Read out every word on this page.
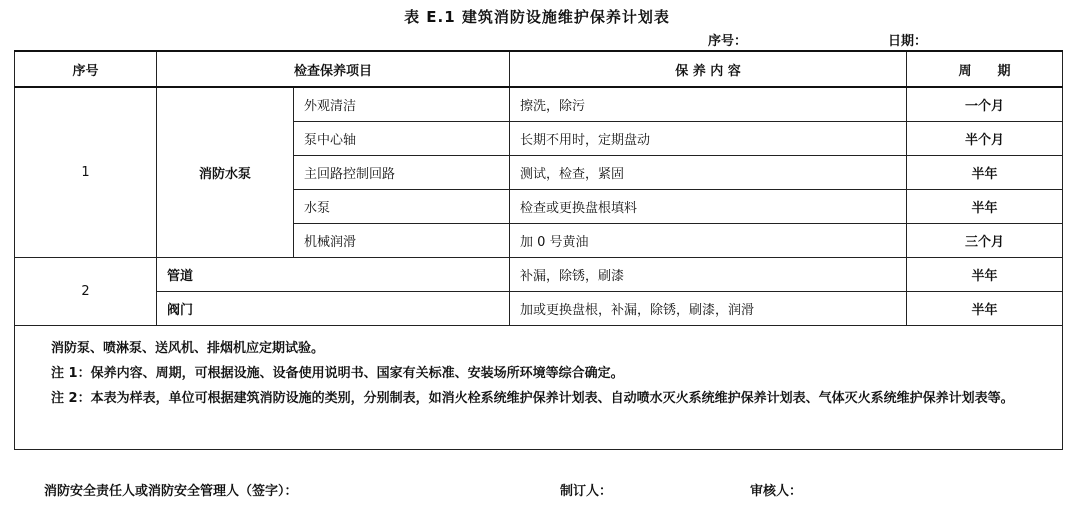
表 E.1 建筑消防设施维护保养计划表
序号：	日期：
序号	检查保养项目		保 养 内 容	周　　期
1	消防水泵	外观清洁	擦洗，除污	一个月
		泵中心轴	长期不用时，定期盘动	半个月
		主回路控制回路	测试，检查，紧固	半年
		水泵	检查或更换盘根填料	半年
		机械润滑	加 0 号黄油	三个月
2	管道		补漏，除锈，刷漆	半年
	阀门		加或更换盘根，补漏，除锈，刷漆，润滑	半年

消防泵、喷淋泵、送风机、排烟机应定期试验。
注 1：保养内容、周期，可根据设施、设备使用说明书、国家有关标准、安装场所环境等综合确定。
注 2：本表为样表，单位可根据建筑消防设施的类别，分别制表，如消火栓系统维护保养计划表、自动喷水灭火系统维护保养计划表、气体灭火系统维护保养计划表等。				
消防安全责任人或消防安全管理人（签字）：	制订人：	审核人：
